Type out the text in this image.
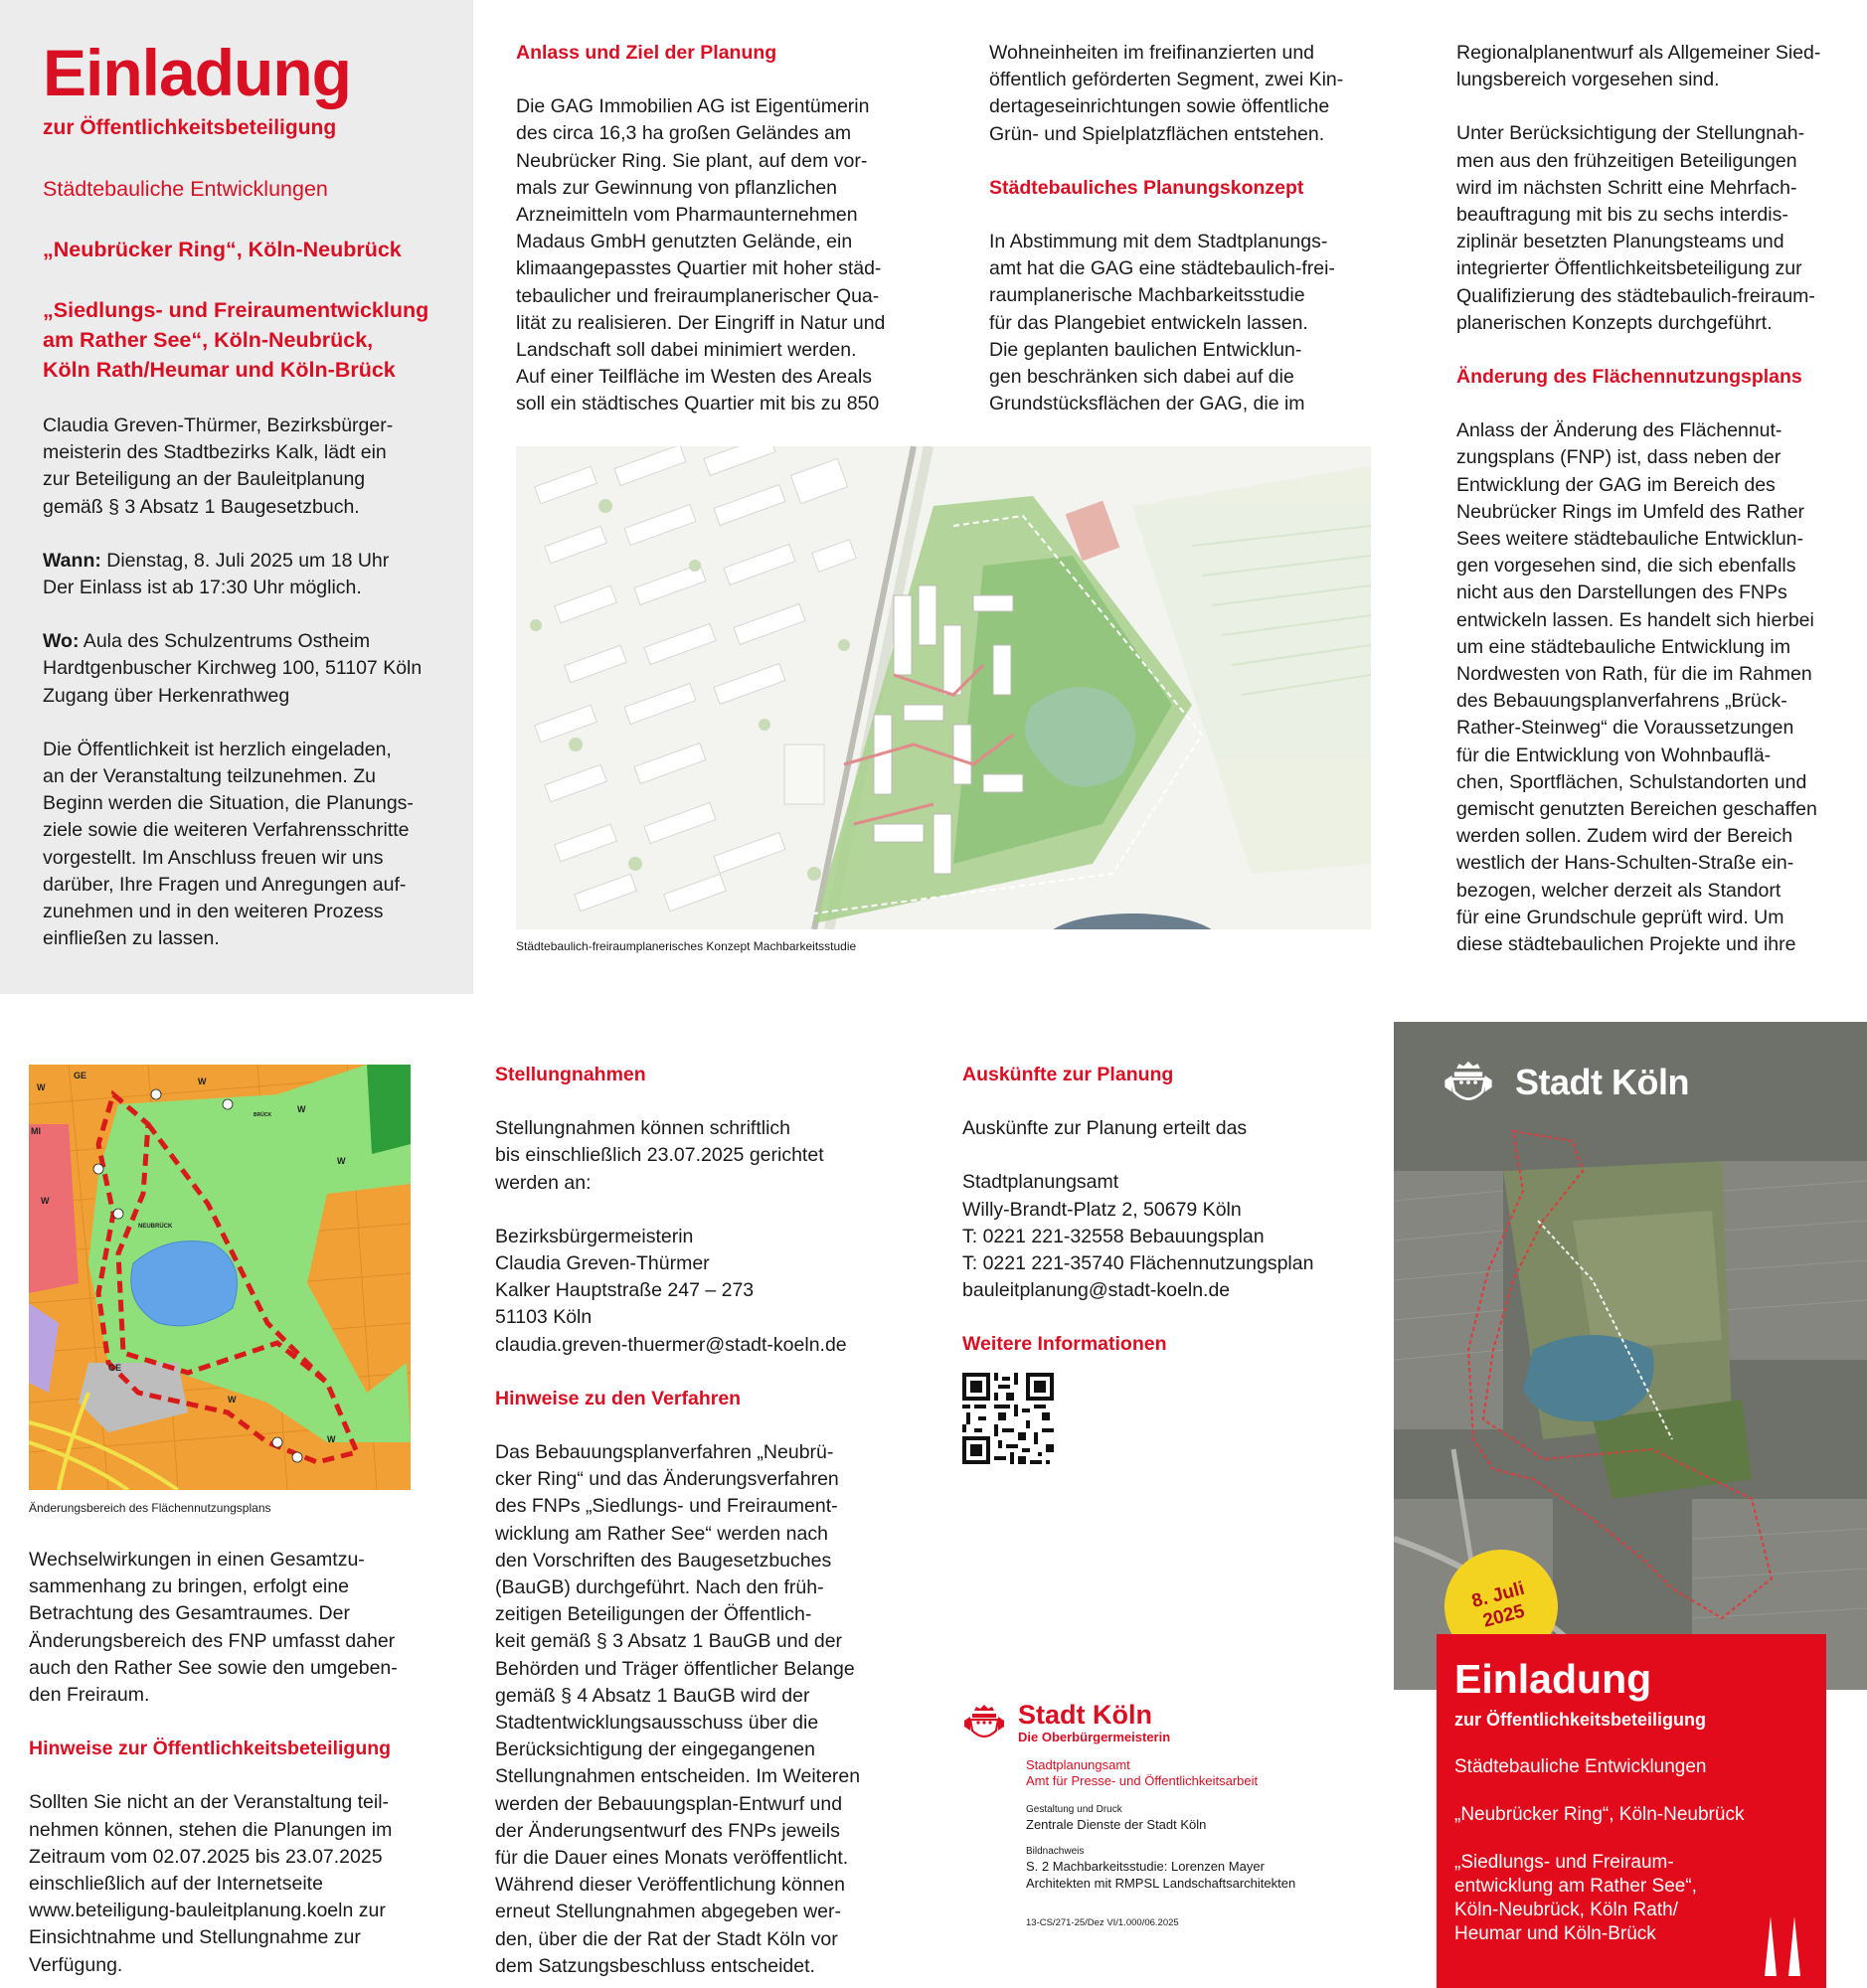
Einladung
zur Öffentlichkeitsbeteiligung
Städtebauliche Entwicklungen
„Neubrücker Ring“, Köln-Neubrück
„Siedlungs- und Freiraumentwicklung
am Rather See“, Köln-Neubrück,
Köln Rath/Heumar und Köln-Brück
Claudia Greven-Thürmer, Bezirksbürger-
meisterin des Stadtbezirks Kalk, lädt ein
zur Beteiligung an der Bauleitplanung
gemäß § 3 Absatz 1 Baugesetzbuch.
Wann: Dienstag, 8. Juli 2025 um 18 Uhr
Der Einlass ist ab 17:30 Uhr möglich.
Wo: Aula des Schulzentrums Ostheim
Hardtgenbuscher Kirchweg 100, 51107 Köln
Zugang über Herkenrathweg
Die Öffentlichkeit ist herzlich eingeladen,
an der Veranstaltung teilzunehmen. Zu
Beginn werden die Situation, die Planungs-
ziele sowie die weiteren Verfahrensschritte
vorgestellt. Im Anschluss freuen wir uns
darüber, Ihre Fragen und Anregungen auf-
zunehmen und in den weiteren Prozess
einfließen zu lassen.
Anlass und Ziel der Planung
Die GAG Immobilien AG ist Eigentümerin
des circa 16,3 ha großen Geländes am
Neubrücker Ring. Sie plant, auf dem vor-
mals zur Gewinnung von pflanzlichen
Arzneimitteln vom Pharmaunternehmen
Madaus GmbH genutzten Gelände, ein
klimaangepasstes Quartier mit hoher städ-
tebaulicher und freiraumplanerischer Qua-
lität zu realisieren. Der Eingriff in Natur und
Landschaft soll dabei minimiert werden.
Auf einer Teilfläche im Westen des Areals
soll ein städtisches Quartier mit bis zu 850
Wohneinheiten im freifinanzierten und
öffentlich geförderten Segment, zwei Kin-
dertageseinrichtungen sowie öffentliche
Grün- und Spielplatzflächen entstehen.
Städtebauliches Planungskonzept
In Abstimmung mit dem Stadtplanungs-
amt hat die GAG eine städtebaulich-frei-
raumplanerische Machbarkeitsstudie
für das Plangebiet entwickeln lassen.
Die geplanten baulichen Entwicklun-
gen beschränken sich dabei auf die
Grundstücksflächen der GAG, die im
Städtebaulich-freiraumplanerisches Konzept Machbarkeitsstudie
Regionalplanentwurf als Allgemeiner Sied-
lungsbereich vorgesehen sind.
Unter Berücksichtigung der Stellungnah-
men aus den frühzeitigen Beteiligungen
wird im nächsten Schritt eine Mehrfach-
beauftragung mit bis zu sechs interdis-
ziplinär besetzten Planungsteams und
integrierter Öffentlichkeitsbeteiligung zur
Qualifizierung des städtebaulich-freiraum-
planerischen Konzepts durchgeführt.
Änderung des Flächennutzungsplans
Anlass der Änderung des Flächennut-
zungsplans (FNP) ist, dass neben der
Entwicklung der GAG im Bereich des
Neubrücker Rings im Umfeld des Rather
Sees weitere städtebauliche Entwicklun-
gen vorgesehen sind, die sich ebenfalls
nicht aus den Darstellungen des FNPs
entwickeln lassen. Es handelt sich hierbei
um eine städtebauliche Entwicklung im
Nordwesten von Rath, für die im Rahmen
des Bebauungsplanverfahrens „Brück-
Rather-Steinweg“ die Voraussetzungen
für die Entwicklung von Wohnbauflä-
chen, Sportflächen, Schulstandorten und
gemischt genutzten Bereichen geschaffen
werden sollen. Zudem wird der Bereich
westlich der Hans-Schulten-Straße ein-
bezogen, welcher derzeit als Standort
für eine Grundschule geprüft wird. Um
diese städtebaulichen Projekte und ihre
GE
W
W
W
W
MI
W
NEUBRÜCK
GE
W
W
BRÜCK
Änderungsbereich des Flächennutzungsplans
Wechselwirkungen in einen Gesamtzu-
sammenhang zu bringen, erfolgt eine
Betrachtung des Gesamtraumes. Der
Änderungsbereich des FNP umfasst daher
auch den Rather See sowie den umgeben-
den Freiraum.
Hinweise zur Öffentlichkeitsbeteiligung
Sollten Sie nicht an der Veranstaltung teil-
nehmen können, stehen die Planungen im
Zeitraum vom 02.07.2025 bis 23.07.2025
einschließlich auf der Internetseite
www.beteiligung-bauleitplanung.koeln zur
Einsichtnahme und Stellungnahme zur
Verfügung.
Stellungnahmen
Stellungnahmen können schriftlich
bis einschließlich 23.07.2025 gerichtet
werden an:
Bezirksbürgermeisterin
Claudia Greven-Thürmer
Kalker Hauptstraße 247 – 273
51103 Köln
claudia.greven-thuermer@stadt-koeln.de
Hinweise zu den Verfahren
Das Bebauungsplanverfahren „Neubrü-
cker Ring“ und das Änderungsverfahren
des FNPs „Siedlungs- und Freiraument-
wicklung am Rather See“ werden nach
den Vorschriften des Baugesetzbuches
(BauGB) durchgeführt. Nach den früh-
zeitigen Beteiligungen der Öffentlich-
keit gemäß § 3 Absatz 1 BauGB und der
Behörden und Träger öffentlicher Belange
gemäß § 4 Absatz 1 BauGB wird der
Stadtentwicklungsausschuss über die
Berücksichtigung der eingegangenen
Stellungnahmen entscheiden. Im Weiteren
werden der Bebauungsplan-Entwurf und
der Änderungsentwurf des FNPs jeweils
für die Dauer eines Monats veröffentlicht.
Während dieser Veröffentlichung können
erneut Stellungnahmen abgegeben wer-
den, über die der Rat der Stadt Köln vor
dem Satzungsbeschluss entscheidet.
Auskünfte zur Planung
Auskünfte zur Planung erteilt das
Stadtplanungsamt
Willy-Brandt-Platz 2, 50679 Köln
T: 0221 221-32558 Bebauungsplan
T: 0221 221-35740 Flächennutzungsplan
bauleitplanung@stadt-koeln.de
Weitere Informationen
Stadt Köln
Die Oberbürgermeisterin
Stadtplanungsamt
Amt für Presse- und Öffentlichkeitsarbeit
Gestaltung und Druck
Zentrale Dienste der Stadt Köln
Bildnachweis
S. 2 Machbarkeitsstudie: Lorenzen Mayer
Architekten mit RMPSL Landschaftsarchitekten
13-CS/271-25/Dez VI/1.000/06.2025
Stadt Köln
8. Juli
2025
Einladung
zur Öffentlichkeitsbeteiligung
Städtebauliche Entwicklungen
„Neubrücker Ring“, Köln-Neubrück
„Siedlungs- und Freiraum-
entwicklung am Rather See“,
Köln-Neubrück, Köln Rath/
Heumar und Köln-Brück
